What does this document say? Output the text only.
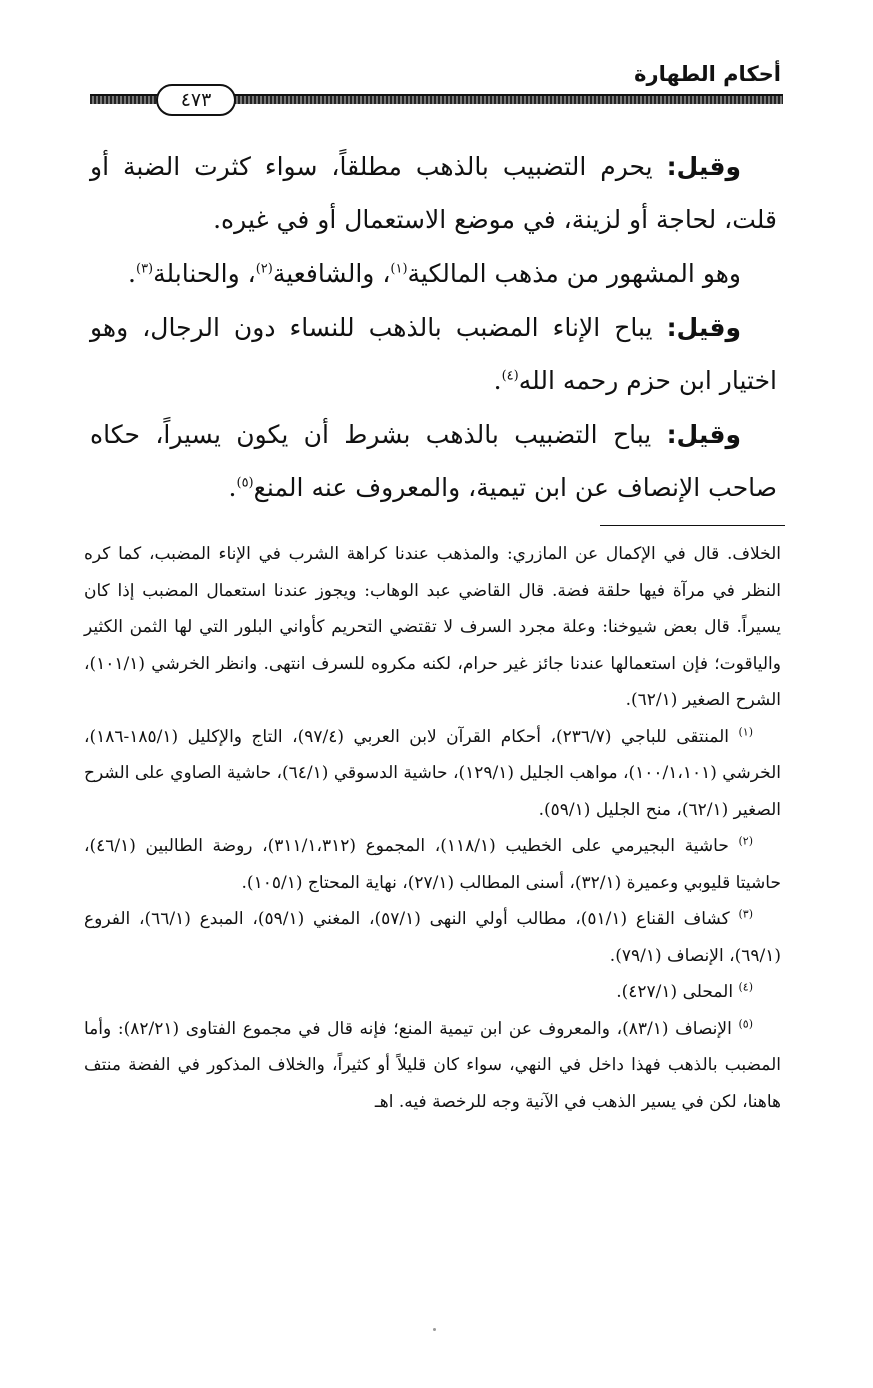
أحكام الطهارة
٤٧٣

وقيل: يحرم التضبيب بالذهب مطلقاً، سواء كثرت الضبة أو قلت، لحاجة أو لزينة، في موضع الاستعمال أو في غيره.

وهو المشهور من مذهب المالكية$^{(١)}$، والشافعية$^{(٢)}$، والحنابلة$^{(٣)}$.

وقيل: يباح الإناء المضبب بالذهب للنساء دون الرجال، وهو اختيار ابن حزم رحمه الله$^{(٤)}$.

وقيل: يباح التضبيب بالذهب بشرط أن يكون يسيراً، حكاه صاحب الإنصاف عن ابن تيمية، والمعروف عنه المنع$^{(٥)}$.

الخلاف. قال في الإكمال عن المازري: والمذهب عندنا كراهة الشرب في الإناء المضبب، كما كره النظر في مرآة فيها حلقة فضة. قال القاضي عبد الوهاب: ويجوز عندنا استعمال المضبب إذا كان يسيراً. قال بعض شيوخنا: وعلة مجرد السرف لا تقتضي التحريم كأواني البلور التي لها الثمن الكثير والياقوت؛ فإن استعمالها عندنا جائز غير حرام، لكنه مكروه للسرف انتهى. وانظر الخرشي (١٠١/١)، الشرح الصغير (٦٢/١).

$^{(١)}$ المنتقى للباجي (٢٣٦/٧)، أحكام القرآن لابن العربي (٩٧/٤)، التاج والإكليل (١٨٥/١-١٨٦)، الخرشي (١٠٠/١،١٠١)، مواهب الجليل (١٢٩/١)، حاشية الدسوقي (٦٤/١)، حاشية الصاوي على الشرح الصغير (٦٢/١)، منح الجليل (٥٩/١).

$^{(٢)}$ حاشية البجيرمي على الخطيب (١١٨/١)، المجموع (٣١١/١،٣١٢)، روضة الطالبين (٤٦/١)، حاشيتا قليوبي وعميرة (٣٢/١)، أسنى المطالب (٢٧/١)، نهاية المحتاج (١٠٥/١).

$^{(٣)}$ كشاف القناع (٥١/١)، مطالب أولي النهى (٥٧/١)، المغني (٥٩/١)، المبدع (٦٦/١)، الفروع (٦٩/١)، الإنصاف (٧٩/١).

$^{(٤)}$ المحلى (٤٢٧/١).

$^{(٥)}$ الإنصاف (٨٣/١)، والمعروف عن ابن تيمية المنع؛ فإنه قال في مجموع الفتاوى (٨٢/٢١): وأما المضبب بالذهب فهذا داخل في النهي، سواء كان قليلاً أو كثيراً، والخلاف المذكور في الفضة منتف هاهنا، لكن في يسير الذهب في الآنية وجه للرخصة فيه. اهـ
